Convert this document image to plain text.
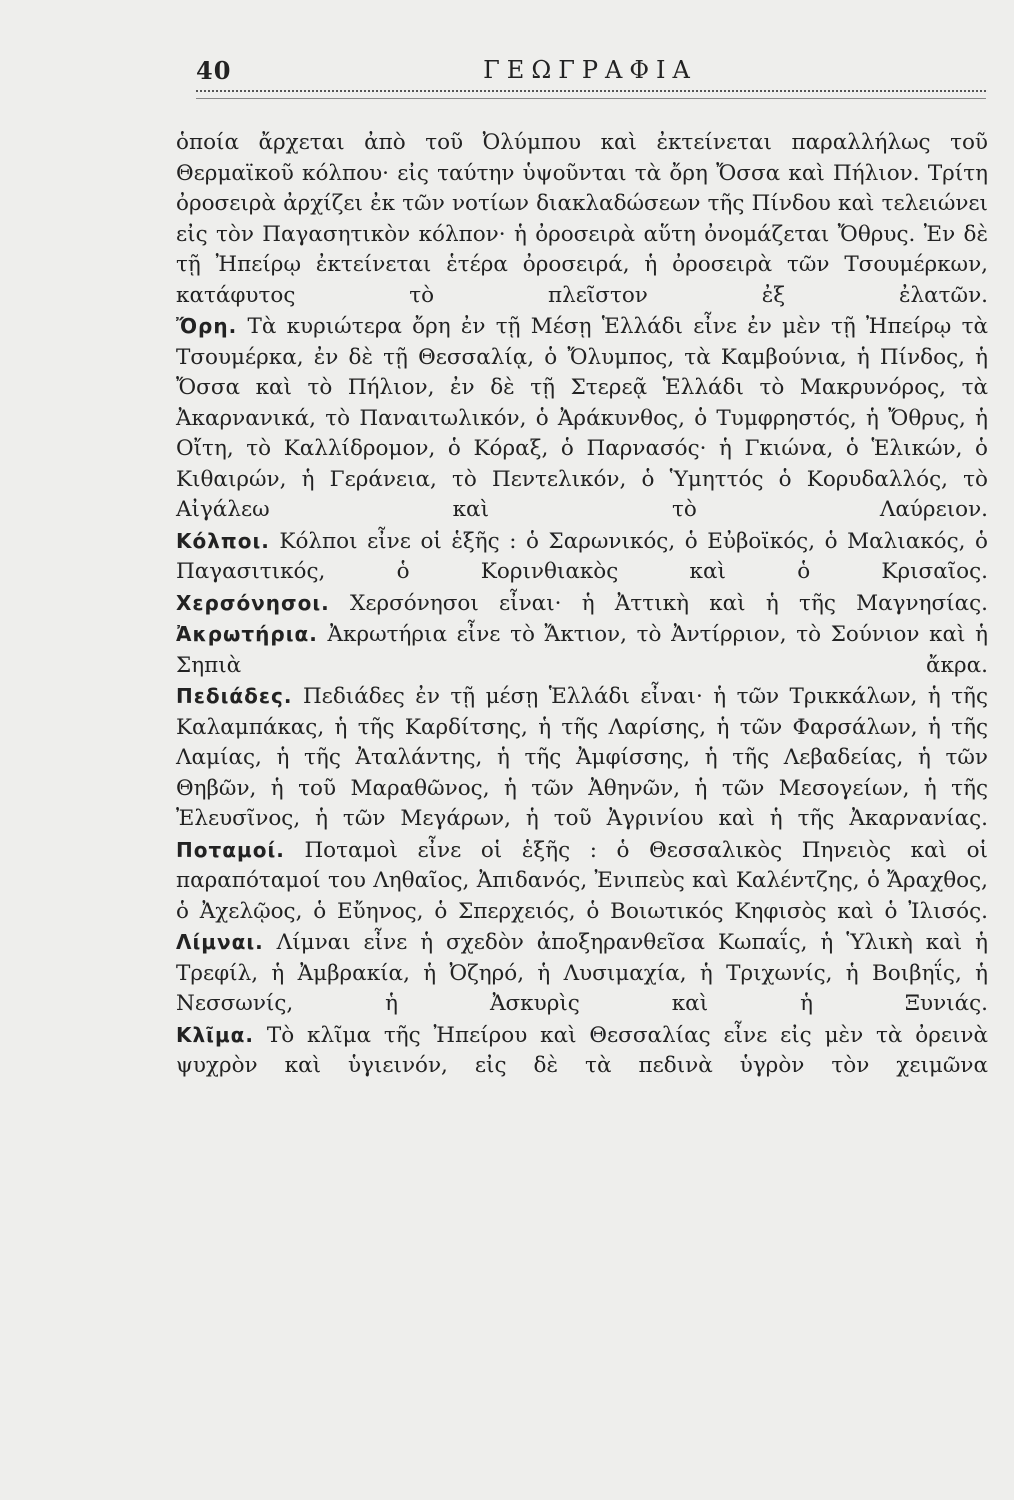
40	ΓΕΩΓΡΑΦΙΑ

ὁποία ἄρχεται ἀπὸ τοῦ Ὀλύμπου καὶ ἐκτείνεται παραλλήλως τοῦ Θερμαϊκοῦ κόλπου· εἰς ταύτην ὑψοῦνται τὰ ὄρη Ὄσσα καὶ Πήλιον. Τρίτη ὀροσειρὰ ἀρχίζει ἐκ τῶν νοτίων διακλαδώσεων τῆς Πίνδου καὶ τελειώνει εἰς τὸν Παγασητικὸν κόλπον· ἡ ὀροσειρὰ αὕτη ὀνομάζεται Ὄθρυς. Ἐν δὲ τῇ Ἠπείρῳ ἐκτείνεται ἑτέρα ὀροσειρά, ἡ ὀροσειρὰ τῶν Τσουμέρκων, κατάφυτος τὸ πλεῖστον ἐξ ἐλατῶν.

Ὄρη. Τὰ κυριώτερα ὄρη ἐν τῇ Μέσῃ Ἑλλάδι εἶνε ἐν μὲν τῇ Ἠπείρῳ τὰ Τσουμέρκα, ἐν δὲ τῇ Θεσσαλίᾳ, ὁ Ὄλυμπος, τὰ Καμβούνια, ἡ Πίνδος, ἡ Ὄσσα καὶ τὸ Πήλιον, ἐν δὲ τῇ Στερεᾷ Ἑλλάδι τὸ Μακρυνόρος, τὰ Ἀκαρνανικά, τὸ Παναιτωλικόν, ὁ Ἀράκυνθος, ὁ Τυμφρηστός, ἡ Ὄθρυς, ἡ Οἴτη, τὸ Καλλίδρομον, ὁ Κόραξ, ὁ Παρνασός· ἡ Γκιώνα, ὁ Ἑλικών, ὁ Κιθαιρών, ἡ Γεράνεια, τὸ Πεντελικόν, ὁ Ὑμηττός ὁ Κορυδαλλός, τὸ Αἰγάλεω καὶ τὸ Λαύρειον.

Κόλποι. Κόλποι εἶνε οἱ ἑξῆς : ὁ Σαρωνικός, ὁ Εὐβοϊκός, ὁ Μαλιακός, ὁ Παγασιτικός, ὁ Κορινθιακὸς καὶ ὁ Κρισαῖος.

Χερσόνησοι. Χερσόνησοι εἶναι· ἡ Ἀττικὴ καὶ ἡ τῆς Μαγνησίας.

Ἀκρωτήρια. Ἀκρωτήρια εἶνε τὸ Ἄκτιον, τὸ Ἀντίρριον, τὸ Σούνιον καὶ ἡ Σηπιὰ ἄκρα.

Πεδιάδες. Πεδιάδες ἐν τῇ μέσῃ Ἑλλάδι εἶναι· ἡ τῶν Τρικκάλων, ἡ τῆς Καλαμπάκας, ἡ τῆς Καρδίτσης, ἡ τῆς Λαρίσης, ἡ τῶν Φαρσάλων, ἡ τῆς Λαμίας, ἡ τῆς Ἀταλάντης, ἡ τῆς Ἀμφίσσης, ἡ τῆς Λεβαδείας, ἡ τῶν Θηβῶν, ἡ τοῦ Μαραθῶνος, ἡ τῶν Ἀθηνῶν, ἡ τῶν Μεσογείων, ἡ τῆς Ἐλευσῖνος, ἡ τῶν Μεγάρων, ἡ τοῦ Ἀγρινίου καὶ ἡ τῆς Ἀκαρνανίας.

Ποταμοί. Ποταμοὶ εἶνε οἱ ἑξῆς : ὁ Θεσσαλικὸς Πηνειὸς καὶ οἱ παραπόταμοί του Ληθαῖος, Ἀπιδανός, Ἐνιπεὺς καὶ Καλέντζης, ὁ Ἄραχθος, ὁ Ἀχελῷος, ὁ Εὔηνος, ὁ Σπερχειός, ὁ Βοιωτικός Κηφισὸς καὶ ὁ Ἰλισός.

Λίμναι. Λίμναι εἶνε ἡ σχεδὸν ἀποξηρανθεῖσα Κωπαΐς, ἡ Ὑλικὴ καὶ ἡ Τρεφίλ, ἡ Ἀμβρακία, ἡ Ὀζηρό, ἡ Λυσιμαχία, ἡ Τριχωνίς, ἡ Βοιβηΐς, ἡ Νεσσωνίς, ἡ Ἀσκυρὶς καὶ ἡ Ξυνιάς.

Κλῖμα. Τὸ κλῖμα τῆς Ἠπείρου καὶ Θεσσαλίας εἶνε εἰς μὲν τὰ ὀρεινὰ ψυχρὸν καὶ ὑγιεινόν, εἰς δὲ τὰ πεδινὰ ὑγρὸν τὸν χειμῶνα
